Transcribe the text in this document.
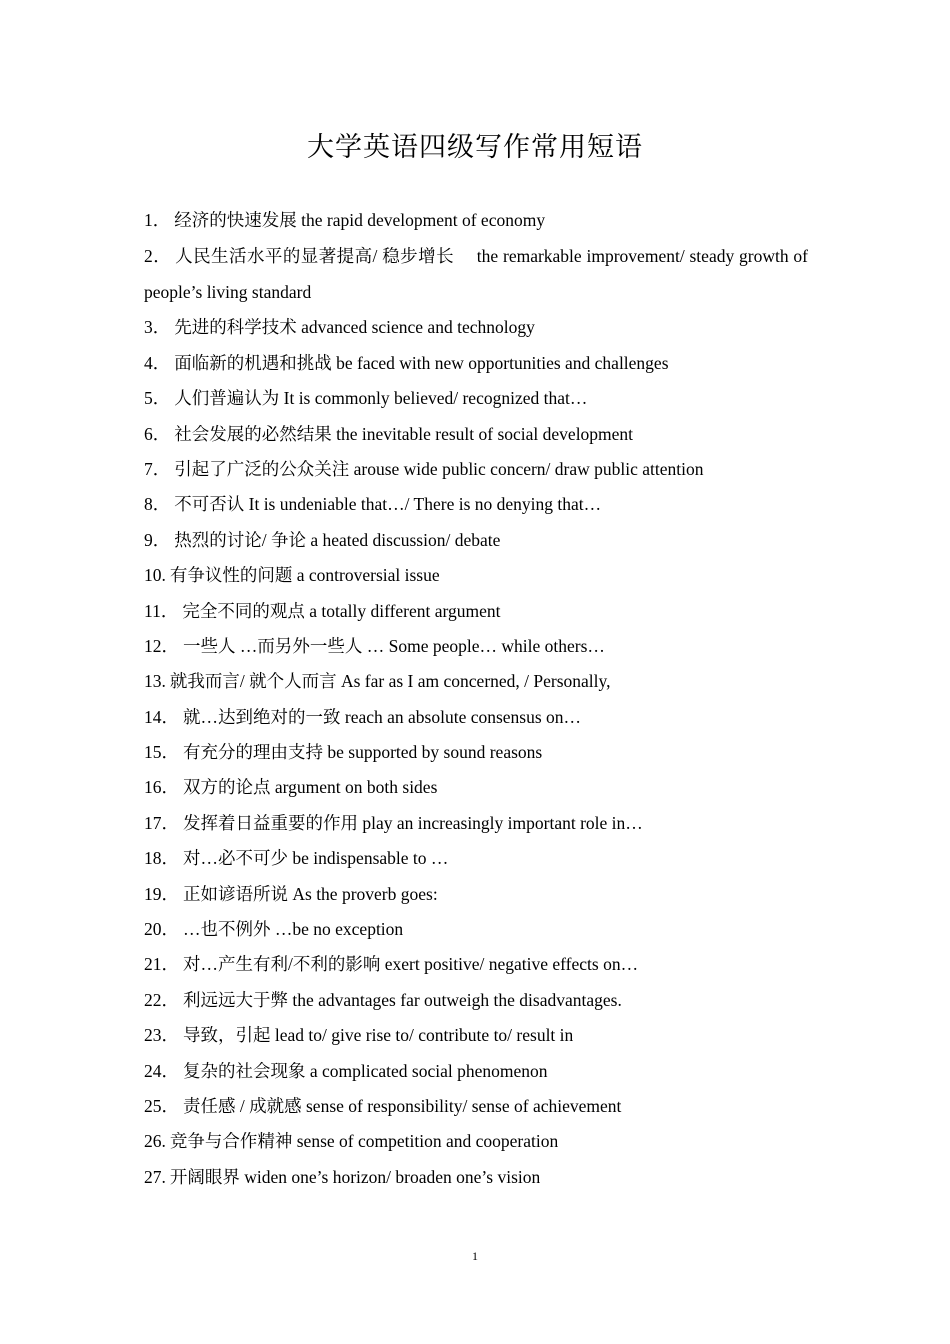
大学英语四级写作常用短语
1． 经济的快速发展 the rapid development of economy
2． 人民生活水平的显著提高/ 稳步增长 　the remarkable improvement/ steady growth of people’s living standard
3． 先进的科学技术 advanced science and technology
4． 面临新的机遇和挑战 be faced with new opportunities and challenges
5． 人们普遍认为 It is commonly believed/ recognized that…
6． 社会发展的必然结果 the inevitable result of social development
7． 引起了广泛的公众关注 arouse wide public concern/ draw public attention
8． 不可否认 It is undeniable that…/ There is no denying that…
9． 热烈的讨论/ 争论 a heated discussion/ debate
10. 有争议性的问题 a controversial issue
11． 完全不同的观点 a totally different argument
12． 一些人 …而另外一些人 … Some people… while others…
13. 就我而言/ 就个人而言 As far as I am concerned, / Personally,
14． 就…达到绝对的一致 reach an absolute consensus on…
15． 有充分的理由支持 be supported by sound reasons
16． 双方的论点 argument on both sides
17． 发挥着日益重要的作用 play an increasingly important role in…
18． 对…必不可少 be indispensable to …
19． 正如谚语所说 As the proverb goes:
20． …也不例外 …be no exception
21． 对…产生有利/不利的影响 exert positive/ negative effects on…
22． 利远远大于弊 the advantages far outweigh the disadvantages.
23． 导致，引起 lead to/ give rise to/ contribute to/ result in
24． 复杂的社会现象 a complicated social phenomenon
25． 责任感 / 成就感 sense of responsibility/ sense of achievement
26. 竞争与合作精神 sense of competition and cooperation
27. 开阔眼界 widen one’s horizon/ broaden one’s vision
1
